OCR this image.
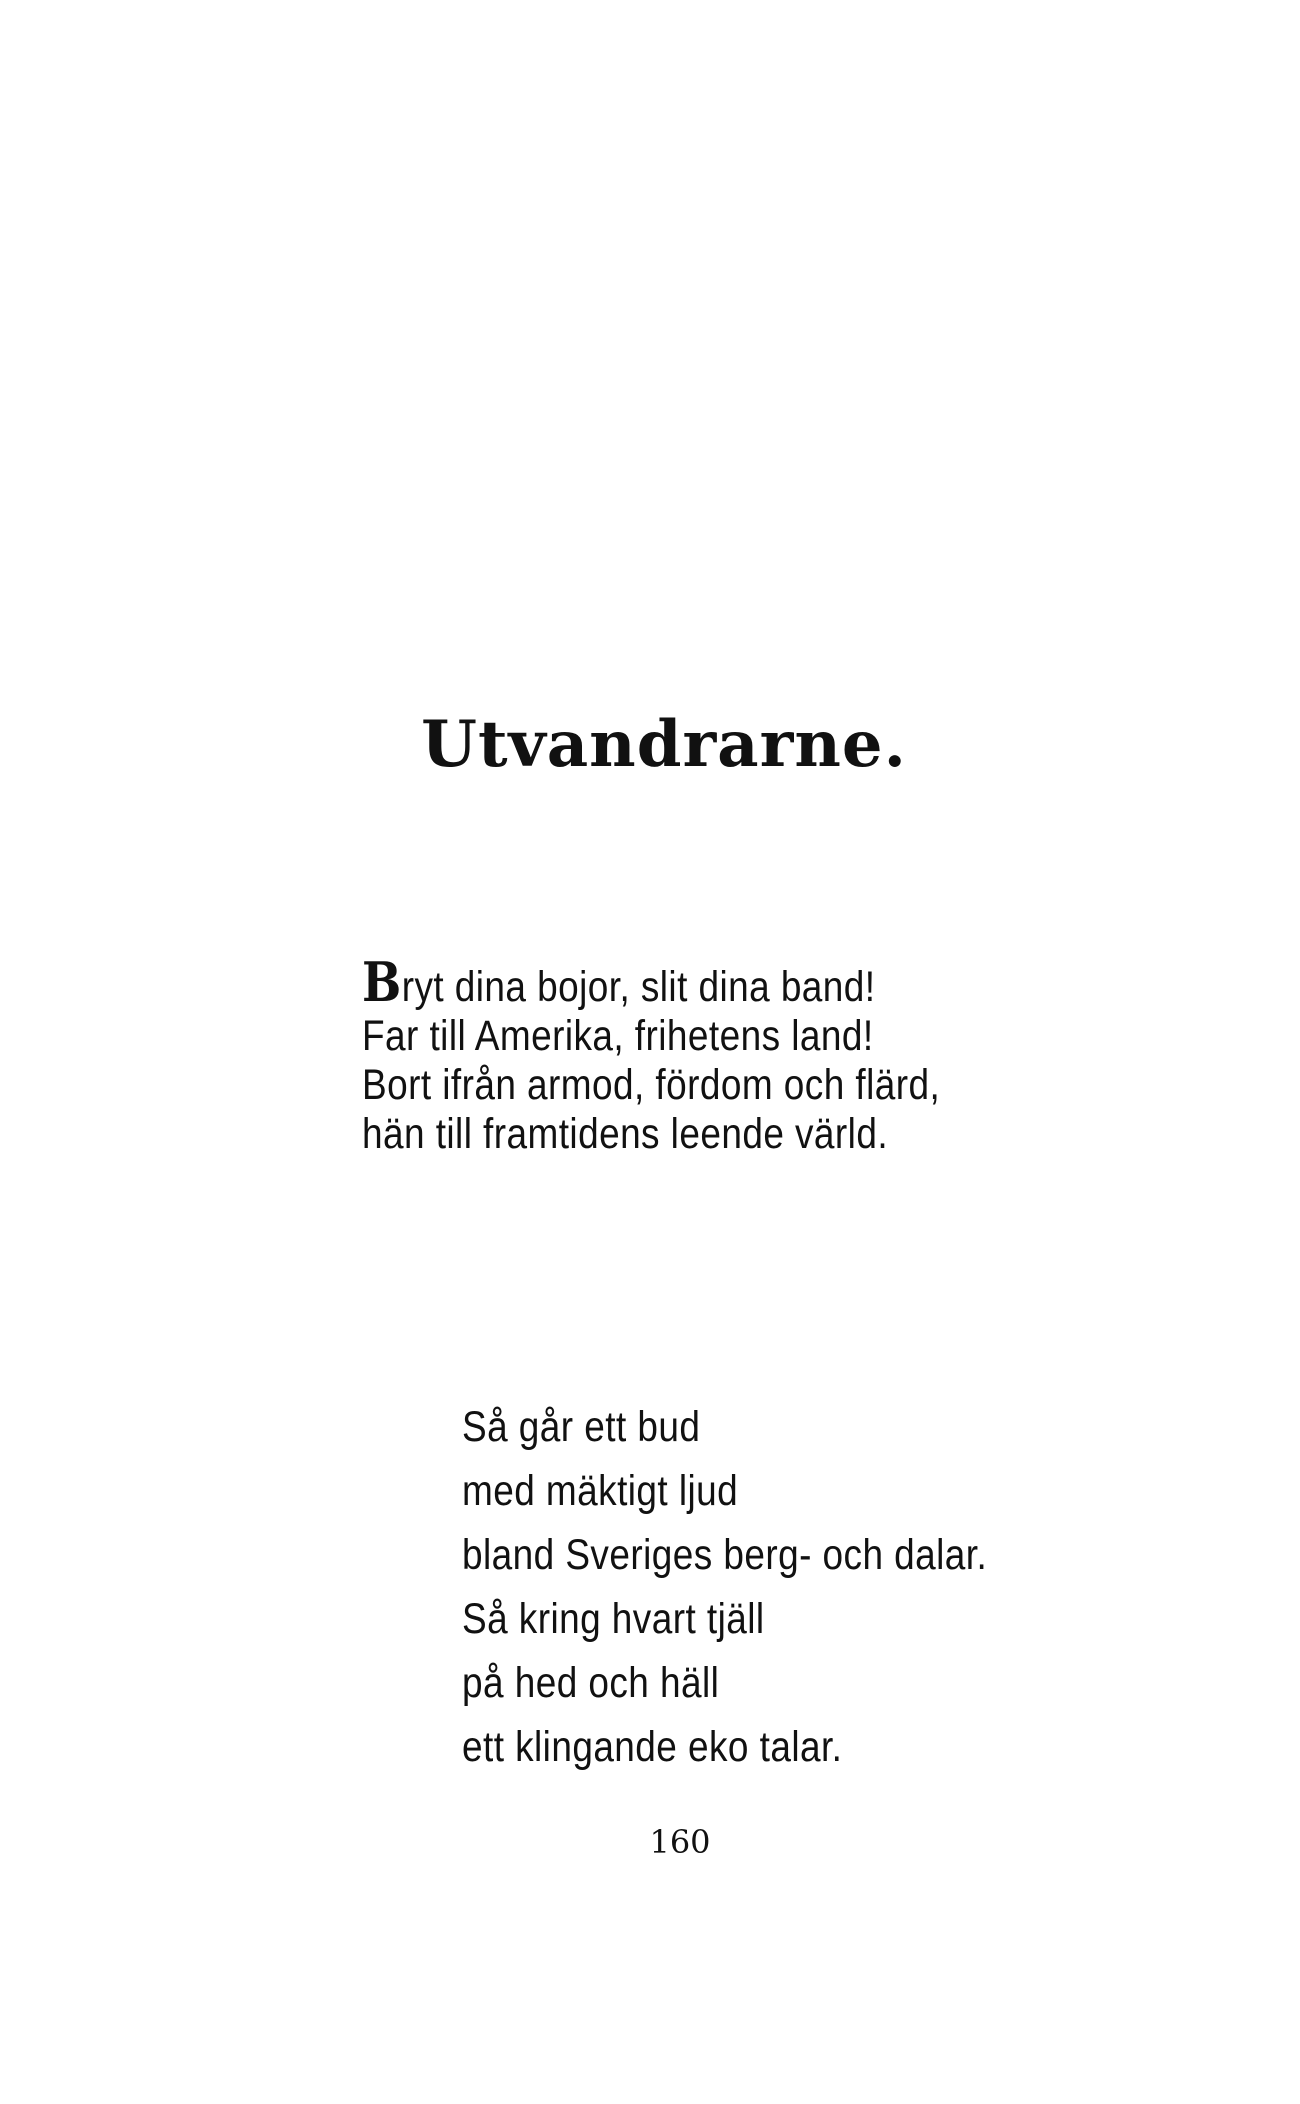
Utvandrarne.
Bryt dina bojor, slit dina band!
Far till Amerika, frihetens land!
Bort ifrån armod, fördom och flärd,
hän till framtidens leende värld.
Så går ett bud
med mäktigt ljud
bland Sveriges berg- och dalar.
Så kring hvart tjäll
på hed och häll
ett klingande eko talar.
160
